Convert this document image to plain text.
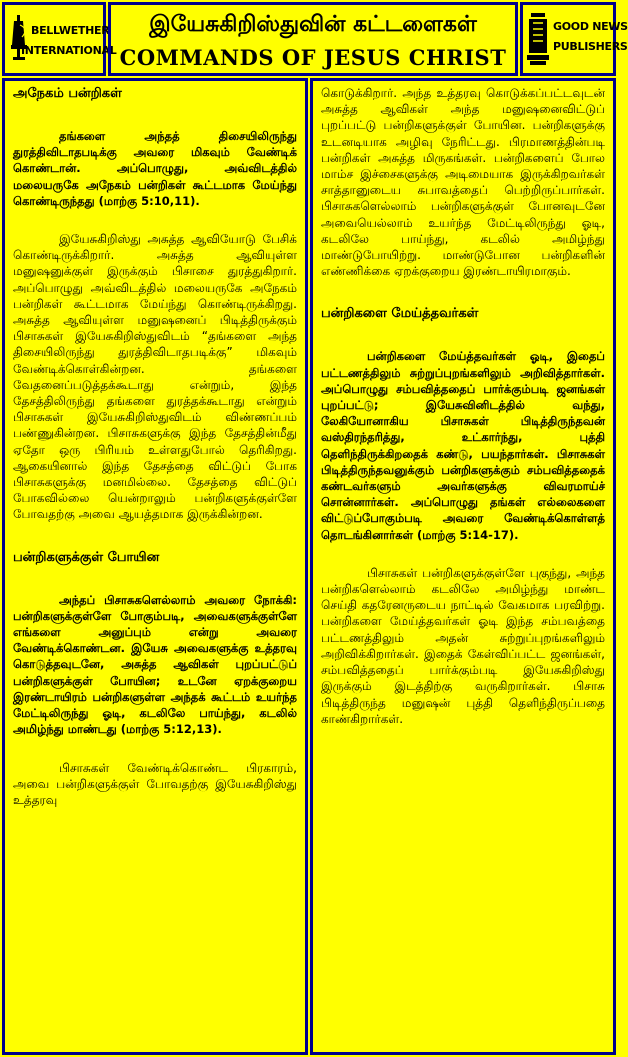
BELLWETHER
INTERNATIONAL
இயேசுகிறிஸ்துவின் கட்டளைகள்
COMMANDS OF JESUS CHRIST
GOOD NEWS
PUBLISHERS

அநேகம் பன்றிகள்

தங்களை அந்தத் திசையிலிருந்து துரத்திவிடாதபடிக்கு அவரை மிகவும் வேண்டிக் கொண்டான். அப்பொழுது, அவ்விடத்தில் மலையருகே அநேகம் பன்றிகள் கூட்டமாக மேய்ந்து கொண்டிருந்தது (மாற்கு 5:10,11).

இயேசுகிறிஸ்து அசுத்த ஆவியோடு பேசிக் கொண்டிருக்கிறார். அசுத்த ஆவியுள்ள மனுஷனுக்குள் இருக்கும் பிசாசை துரத்துகிறார். அப்பொழுது அவ்விடத்தில் மலையருகே அநேகம் பன்றிகள் கூட்டமாக மேய்ந்து கொண்டிருக்கிறது. அசுத்த ஆவியுள்ள மனுஷனைப் பிடித்திருக்கும் பிசாசுகள் இயேசுகிறிஸ்துவிடம் “தங்களை அந்த திசையிலிருந்து துரத்திவிடாதபடிக்கு” மிகவும் வேண்டிக்கொள்கின்றன. தங்களை வேதனைப்படுத்தக்கூடாது என்றும், இந்த தேசத்திலிருந்து தங்களை துரத்தக்கூடாது என்றும் பிசாசுகள் இயேசுகிறிஸ்துவிடம் விண்ணப்பம் பண்ணுகின்றன. பிசாசுகளுக்கு இந்த தேசத்தின்மீது ஏதோ ஒரு பிரியம் உள்ளதுபோல் தெரிகிறது. ஆகையினால் இந்த தேசத்தை விட்டுப் போக பிசாசுகளுக்கு மனமில்லை. தேசத்தை விட்டுப் போகவில்லை யென்றாலும் பன்றிகளுக்குள்ளே போவதற்கு அவை ஆயத்தமாக இருக்கின்றன.

பன்றிகளுக்குள் போயின

அந்தப் பிசாசுகளெல்லாம் அவரை நோக்கி: பன்றிகளுக்குள்ளே போகும்படி, அவைகளுக்குள்ளே எங்களை அனுப்பும் என்று அவரை வேண்டிக்கொண்டன. இயேசு அவைகளுக்கு உத்தரவு கொடுத்தவுடனே, அசுத்த ஆவிகள் புறப்பட்டுப் பன்றிகளுக்குள் போயின; உடனே ஏறக்குறைய இரண்டாயிரம் பன்றிகளுள்ள அந்தக் கூட்டம் உயர்ந்த மேட்டிலிருந்து ஓடி, கடலிலே பாய்ந்து, கடலில் அமிழ்ந்து மாண்டது (மாற்கு 5:12,13).

பிசாசுகள் வேண்டிக்கொண்ட பிரகாரம், அவை பன்றிகளுக்குள் போவதற்கு இயேசுகிறிஸ்து உத்தரவு

கொடுக்கிறார். அந்த உத்தரவு கொடுக்கப்பட்டவுடன் அசுத்த ஆவிகள் அந்த மனுஷனைவிட்டுப் புறப்பட்டு பன்றிகளுக்குள் போயின. பன்றிகளுக்கு உடனடியாக அழிவு நேரிட்டது. பிரமாணத்தின்படி பன்றிகள் அசுத்த மிருகங்கள். பன்றிகளைப் போல மாம்ச இச்சைகளுக்கு அடிமையாக இருக்கிறவர்கள் சாத்தானுடைய சுபாவத்தைப் பெற்றிருப்பார்கள். பிசாசுகளெல்லாம் பன்றிகளுக்குள் போனவுடனே அவையெல்லாம் உயர்ந்த மேட்டிலிருந்து ஓடி, கடலிலே பாய்ந்து, கடலில் அமிழ்ந்து மாண்டுபோயிற்று. மாண்டுபோன பன்றிகளின் எண்ணிக்கை ஏறக்குறைய இரண்டாயிரமாகும்.

பன்றிகளை மேய்த்தவர்கள்

பன்றிகளை மேய்த்தவர்கள் ஓடி, இதைப் பட்டணத்திலும் சுற்றுப்புறங்களிலும் அறிவித்தார்கள். அப்பொழுது சம்பவித்ததைப் பார்க்கும்படி ஜனங்கள் புறப்பட்டு; இயேசுவினிடத்தில் வந்து, லேகியோனாகிய பிசாசுகள் பிடித்திருந்தவன் வஸ்திரந்தரித்து, உட்கார்ந்து, புத்தி தெளிந்திருக்கிறதைக் கண்டு, பயந்தார்கள். பிசாசுகள் பிடித்திருந்தவனுக்கும் பன்றிகளுக்கும் சம்பவித்ததைக் கண்டவர்களும் அவர்களுக்கு விவரமாய்ச் சொன்னார்கள். அப்பொழுது தங்கள் எல்லைகளை விட்டுப்போகும்படி அவரை வேண்டிக்கொள்ளத் தொடங்கினார்கள் (மாற்கு 5:14-17).

பிசாசுகள் பன்றிகளுக்குள்ளே புகுந்து, அந்த பன்றிகளெல்லாம் கடலிலே அமிழ்ந்து மாண்ட செய்தி கதரேனருடைய நாட்டில் வேகமாக பரவிற்று. பன்றிகளை மேய்த்தவர்கள் ஓடி இந்த சம்பவத்தை பட்டணத்திலும் அதன் சுற்றுப்புறங்களிலும் அறிவிக்கிறார்கள். இதைக் கேள்விப்பட்ட ஜனங்கள், சம்பவித்ததைப் பார்க்கும்படி இயேசுகிறிஸ்து இருக்கும் இடத்திற்கு வருகிறார்கள். பிசாசு பிடித்திருந்த மனுஷன் புத்தி தெளிந்திருப்பதை காண்கிறார்கள்.
